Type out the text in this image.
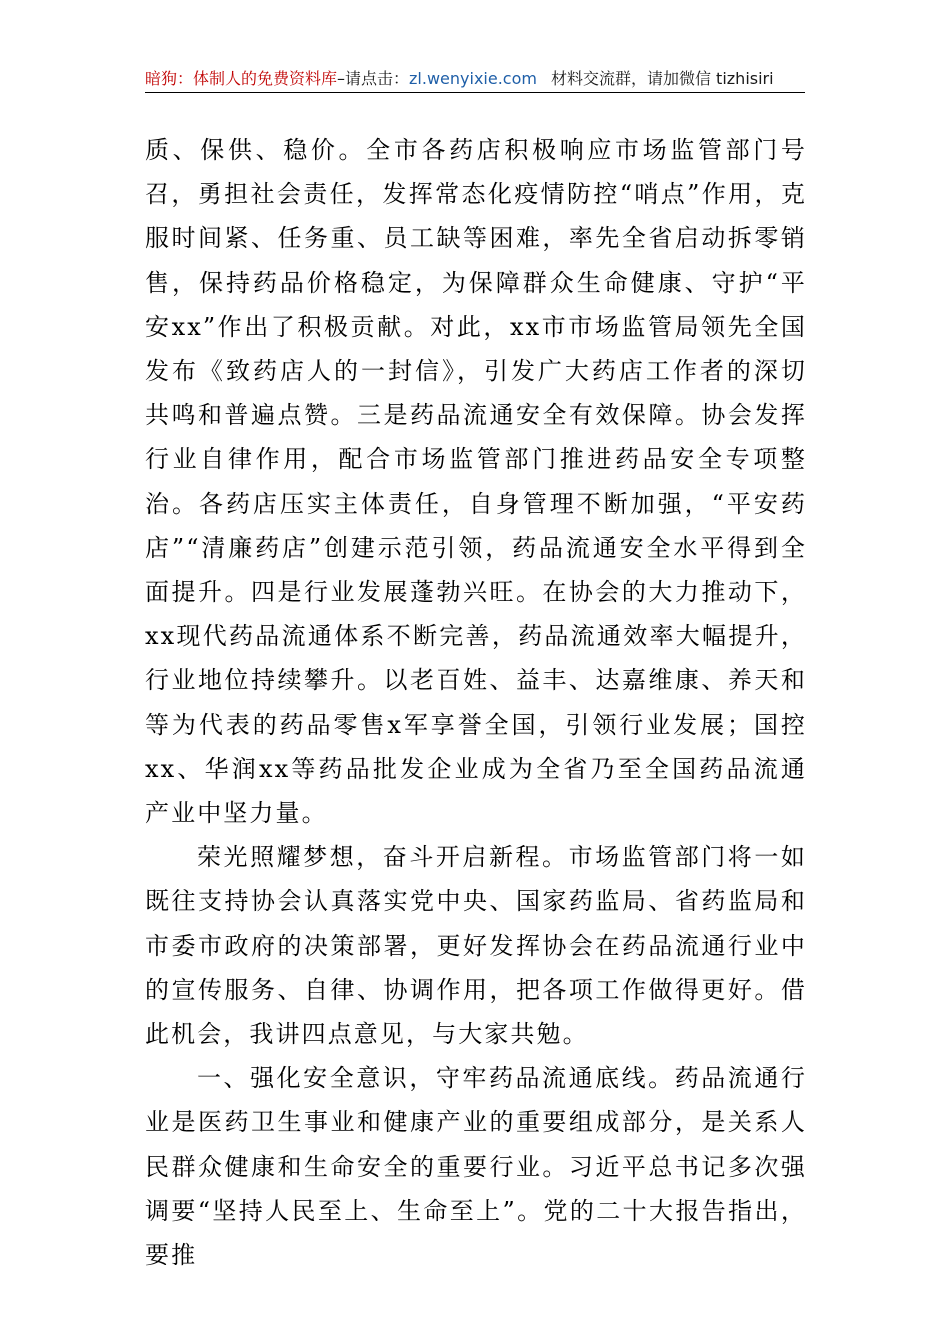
暗狗：体制人的免费资料库–请点击：zl.wenyixie.com 材料交流群，请加微信 tizhisiri

质、保供、稳价。全市各药店积极响应市场监管部门号召，勇担社会责任，发挥常态化疫情防控“哨点”作用，克服时间紧、任务重、员工缺等困难，率先全省启动拆零销售，保持药品价格稳定，为保障群众生命健康、守护“平安xx”作出了积极贡献。对此，xx市市场监管局领先全国发布《致药店人的一封信》，引发广大药店工作者的深切共鸣和普遍点赞。三是药品流通安全有效保障。协会发挥行业自律作用，配合市场监管部门推进药品安全专项整治。各药店压实主体责任，自身管理不断加强，“平安药店”“清廉药店”创建示范引领，药品流通安全水平得到全面提升。四是行业发展蓬勃兴旺。在协会的大力推动下，xx现代药品流通体系不断完善，药品流通效率大幅提升，行业地位持续攀升。以老百姓、益丰、达嘉维康、养天和等为代表的药品零售x军享誉全国，引领行业发展；国控xx、华润xx等药品批发企业成为全省乃至全国药品流通产业中坚力量。

荣光照耀梦想，奋斗开启新程。市场监管部门将一如既往支持协会认真落实党中央、国家药监局、省药监局和市委市政府的决策部署，更好发挥协会在药品流通行业中的宣传服务、自律、协调作用，把各项工作做得更好。借此机会，我讲四点意见，与大家共勉。

一、强化安全意识，守牢药品流通底线。药品流通行业是医药卫生事业和健康产业的重要组成部分，是关系人民群众健康和生命安全的重要行业。习近平总书记多次强调要“坚持人民至上、生命至上”。党的二十大报告指出，要推
